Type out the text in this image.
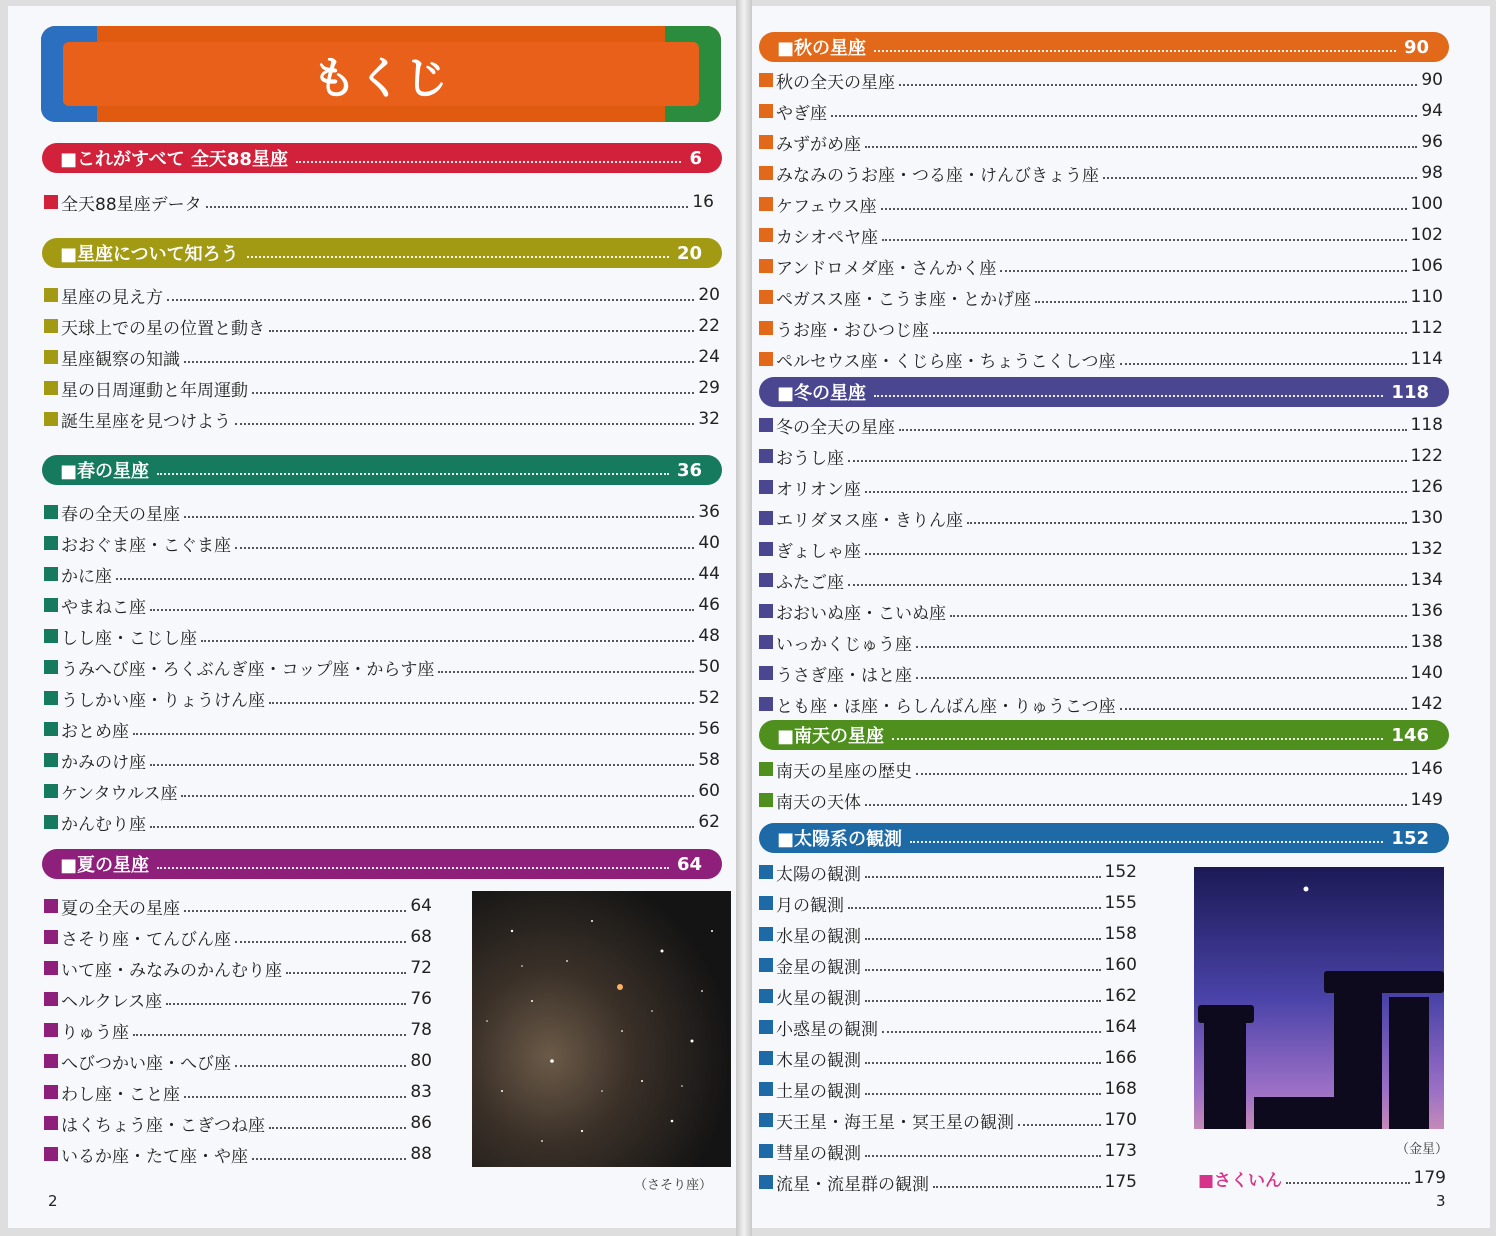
もくじ
■これがすべて 全天88星座	6
全天88星座データ	16
■星座について知ろう	20
星座の見え方	20
天球上での星の位置と動き	22
星座観察の知識	24
星の日周運動と年周運動	29
誕生星座を見つけよう	32
■春の星座	36
春の全天の星座	36
おおぐま座・こぐま座	40
かに座	44
やまねこ座	46
しし座・こじし座	48
うみへび座・ろくぶんぎ座・コップ座・からす座	50
うしかい座・りょうけん座	52
おとめ座	56
かみのけ座	58
ケンタウルス座	60
かんむり座	62
■夏の星座	64
夏の全天の星座	64
さそり座・てんびん座	68
いて座・みなみのかんむり座	72
ヘルクレス座	76
りゅう座	78
へびつかい座・へび座	80
わし座・こと座	83
はくちょう座・こぎつね座	86
いるか座・たて座・や座	88
（さそり座）
2
■秋の星座	90
秋の全天の星座	90
やぎ座	94
みずがめ座	96
みなみのうお座・つる座・けんびきょう座	98
ケフェウス座	100
カシオペヤ座	102
アンドロメダ座・さんかく座	106
ペガスス座・こうま座・とかげ座	110
うお座・おひつじ座	112
ペルセウス座・くじら座・ちょうこくしつ座	114
■冬の星座	118
冬の全天の星座	118
おうし座	122
オリオン座	126
エリダヌス座・きりん座	130
ぎょしゃ座	132
ふたご座	134
おおいぬ座・こいぬ座	136
いっかくじゅう座	138
うさぎ座・はと座	140
とも座・ほ座・らしんばん座・りゅうこつ座	142
■南天の星座	146
南天の星座の歴史	146
南天の天体	149
■太陽系の観測	152
太陽の観測	152
月の観測	155
水星の観測	158
金星の観測	160
火星の観測	162
小惑星の観測	164
木星の観測	166
土星の観測	168
天王星・海王星・冥王星の観測	170
彗星の観測	173
流星・流星群の観測	175
（金星）
■さくいん	179
3
